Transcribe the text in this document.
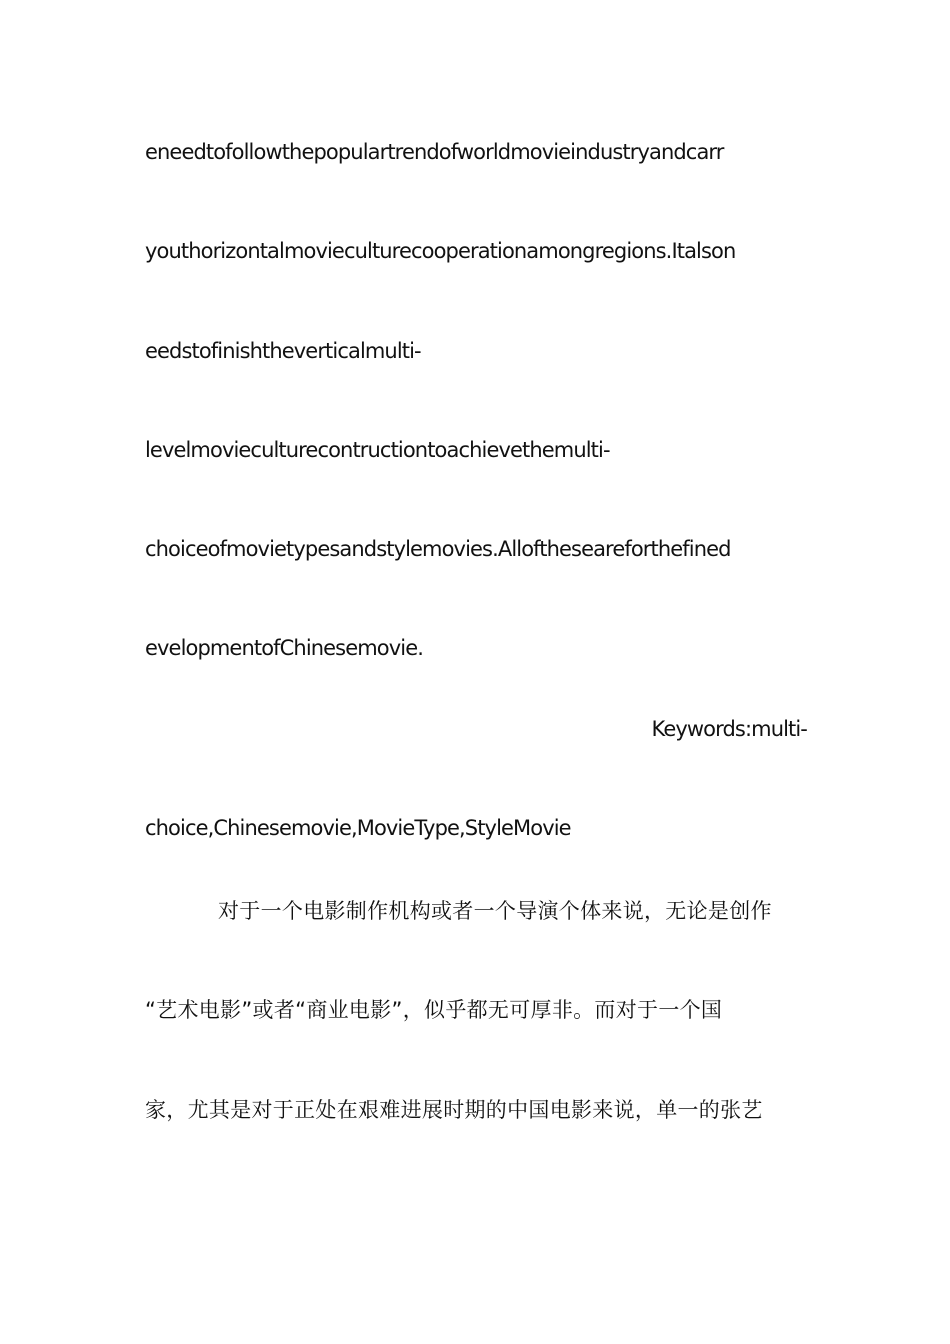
eneedtofollowthepopulartrendofworldmovieindustryandcarr
youthorizontalmovieculturecooperationamongregions.Italson
eedstofinishtheverticalmulti-
levelmovieculturecontructiontoachievethemulti-
choiceofmovietypesandstylemovies.Alloftheseareforthefined
evelopmentofChinesemovie.
Keywords:multi-
choice,Chinesemovie,MovieType,StyleMovie
对于一个电影制作机构或者一个导演个体来说，无论是创作
“艺术电影”或者“商业电影”，似乎都无可厚非。而对于一个国
家，尤其是对于正处在艰难进展时期的中国电影来说，单一的张艺
